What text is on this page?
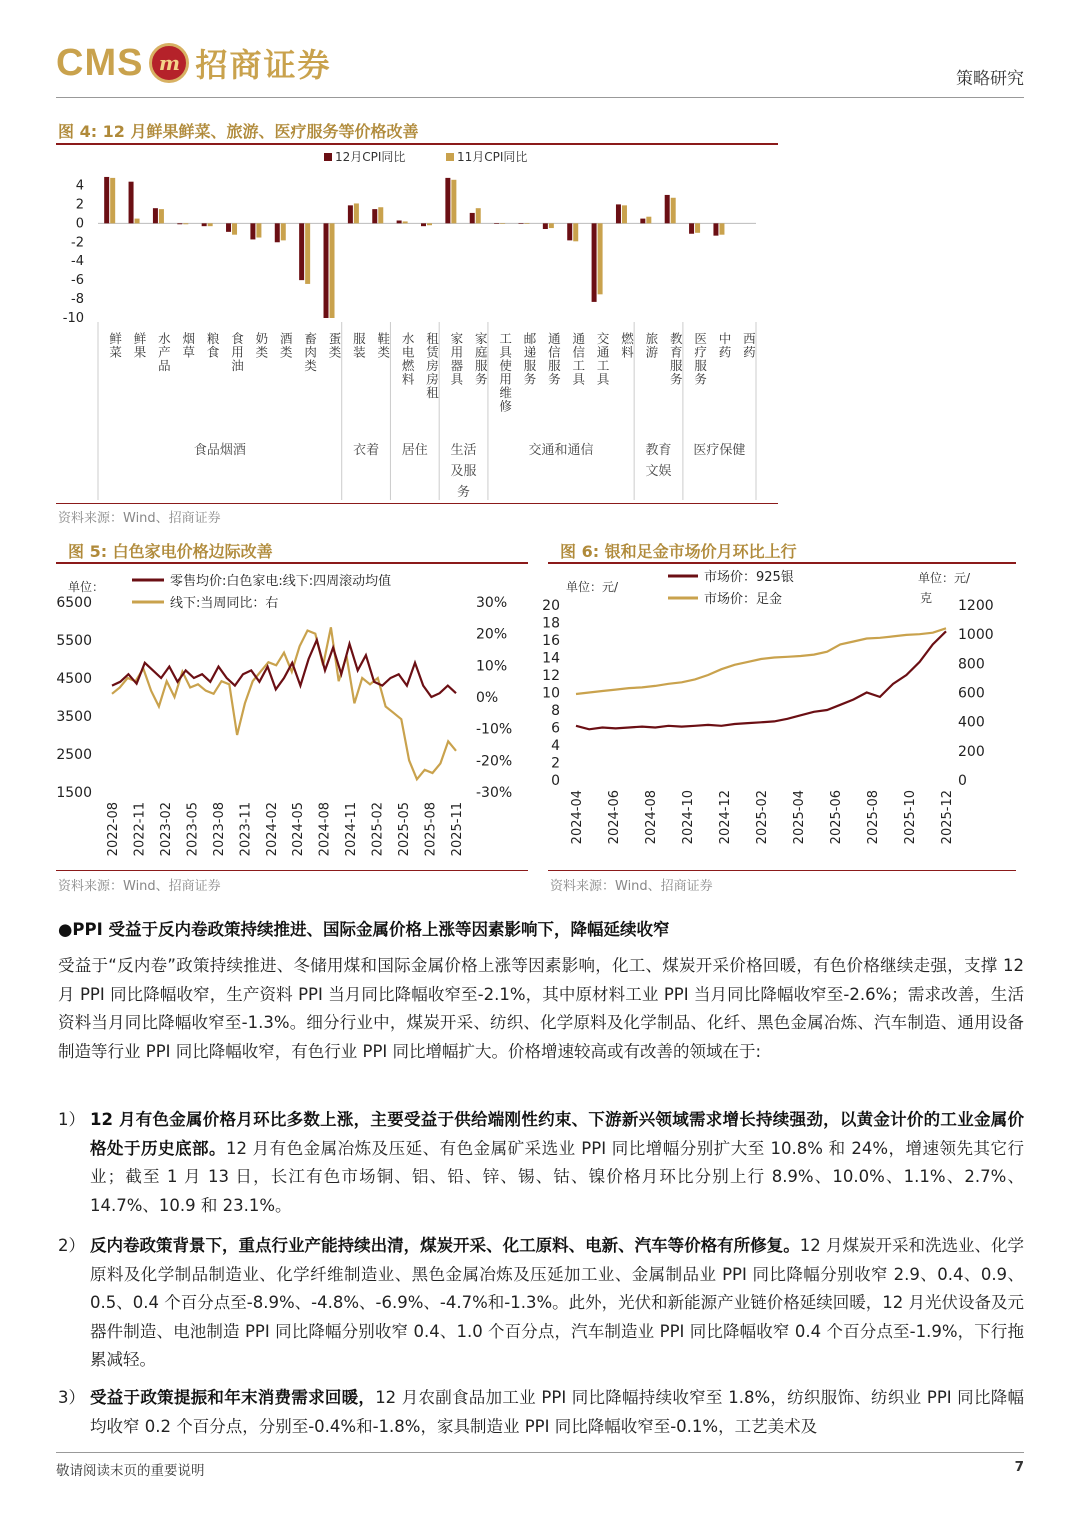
CMS m 招商证券	策略研究
图 4: 12 月鲜果鲜菜、旅游、医疗服务等价格改善
12月CPI同比	11月CPI同比
4
2
0
-2
-4
-6
-8
-10
鲜菜 鲜果 水产品 烟草 粮食 食用油 奶类 酒类 畜肉类 蛋类 服装 鞋类 水电燃料 租赁房房租 家用器具 家庭服务 工具使用维修 邮递服务 通信服务 通信工具 交通工具 燃料 旅游 教育服务 医疗服务 中药 西药
食品烟酒	衣着 居住 生活
及服
务
交通和通信	教育
文娱
医疗保健
资料来源：Wind、招商证券
图 5: 白色家电价格边际改善
单位：	零售均价:白色家电:线下:四周滚动均值
线下:当周同比：右
6500
5500
4500
3500
2500
1500
30%
20%
10%
0%
-10%
-20%
-30%
2022-08 2022-11 2023-02 2023-05 2023-08 2023-11 2024-02 2024-05 2024-08 2024-11 2025-02 2025-05 2025-08 2025-11
资料来源：Wind、招商证券
图 6: 银和足金市场价月环比上行
单位：元/
单位：元/
克
市场价：925银
市场价：足金
20
18
16
14
12
10
8
6
4
2
0
1200
1000
800
600
400
200
0
2024-04 2024-06 2024-08 2024-10 2024-12 2025-02 2025-04 2025-06 2025-08 2025-10 2025-12
资料来源：Wind、招商证券
●PPI 受益于反内卷政策持续推进、国际金属价格上涨等因素影响下，降幅延续收窄
受益于“反内卷”政策持续推进、冬储用煤和国际金属价格上涨等因素影响，化工、煤炭开采价格回暖，有色价格继续走强，支撑 12 月 PPI 同比降幅收窄，生产资料 PPI 当月同比降幅收窄至-2.1%，其中原材料工业 PPI 当月同比降幅收窄至-2.6%；需求改善，生活资料当月同比降幅收窄至-1.3%。细分行业中，煤炭开采、纺织、化学原料及化学制品、化纤、黑色金属冶炼、汽车制造、通用设备制造等行业 PPI 同比降幅收窄，有色行业 PPI 同比增幅扩大。价格增速较高或有改善的领域在于:
1） 12 月有色金属价格月环比多数上涨，主要受益于供给端刚性约束、下游新兴领域需求增长持续强劲，以黄金计价的工业金属价格处于历史底部。12 月有色金属冶炼及压延、有色金属矿采选业 PPI 同比增幅分别扩大至 10.8% 和 24%，增速领先其它行业；截至 1 月 13 日，长江有色市场铜、铝、铅、锌、锡、钴、镍价格月环比分别上行 8.9%、10.0%、1.1%、2.7%、14.7%、10.9 和 23.1%。
2） 反内卷政策背景下，重点行业产能持续出清，煤炭开采、化工原料、电新、汽车等价格有所修复。12 月煤炭开采和洗选业、化学原料及化学制品制造业、化学纤维制造业、黑色金属冶炼及压延加工业、金属制品业 PPI 同比降幅分别收窄 2.9、0.4、0.9、0.5、0.4 个百分点至-8.9%、-4.8%、-6.9%、-4.7%和-1.3%。此外，光伏和新能源产业链价格延续回暖，12 月光伏设备及元器件制造、电池制造 PPI 同比降幅分别收窄 0.4、1.0 个百分点，汽车制造业 PPI 同比降幅收窄 0.4 个百分点至-1.9%，下行拖累减轻。
3） 受益于政策提振和年末消费需求回暖，12 月农副食品加工业 PPI 同比降幅持续收窄至 1.8%，纺织服饰、纺织业 PPI 同比降幅均收窄 0.2 个百分点，分别至-0.4%和-1.8%，家具制造业 PPI 同比降幅收窄至-0.1%，工艺美术及
敬请阅读末页的重要说明	7
